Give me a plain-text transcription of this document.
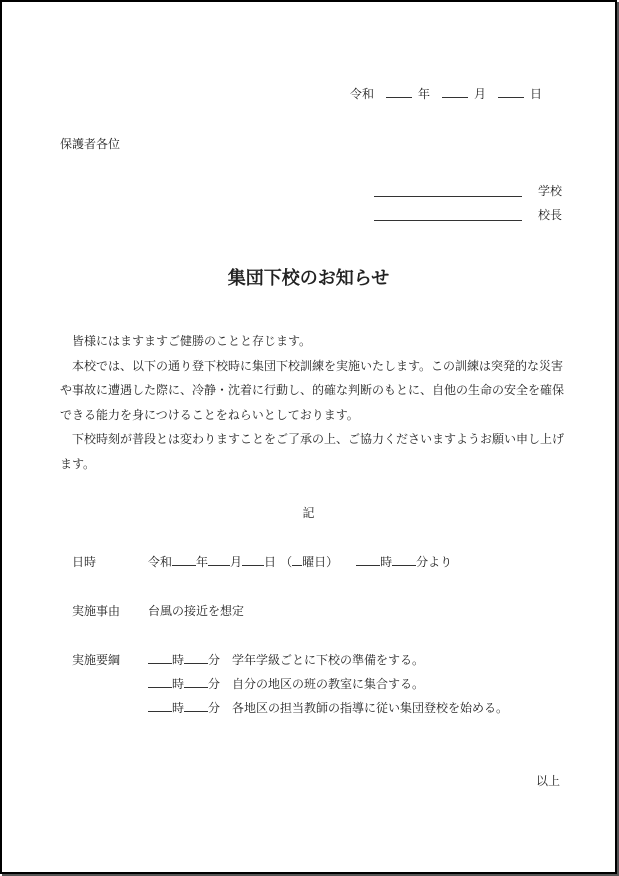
令和	年	月	日
保護者各位
学校
校長
集団下校のお知らせ

皆様にはますますご健勝のことと存じます。

本校では、以下の通り登下校時に集団下校訓練を実施いたします。この訓練は突発的な災害や事故に遭遇した際に、冷静・沈着に行動し、的確な判断のもとに、自他の生命の安全を確保できる能力を身につけることをねらいとしております。

下校時刻が普段とは変わりますことをご了承の上、ご協力くださいますようお願い申し上げます。

記
日時	令和 年 月 日 （ 曜日）	時 分より
実施事由 台風の接近を想定
実施要綱	時 分 学年学級ごとに下校の準備をする。
時 分 自分の地区の班の教室に集合する。
時 分 各地区の担当教師の指導に従い集団登校を始める。
以上
